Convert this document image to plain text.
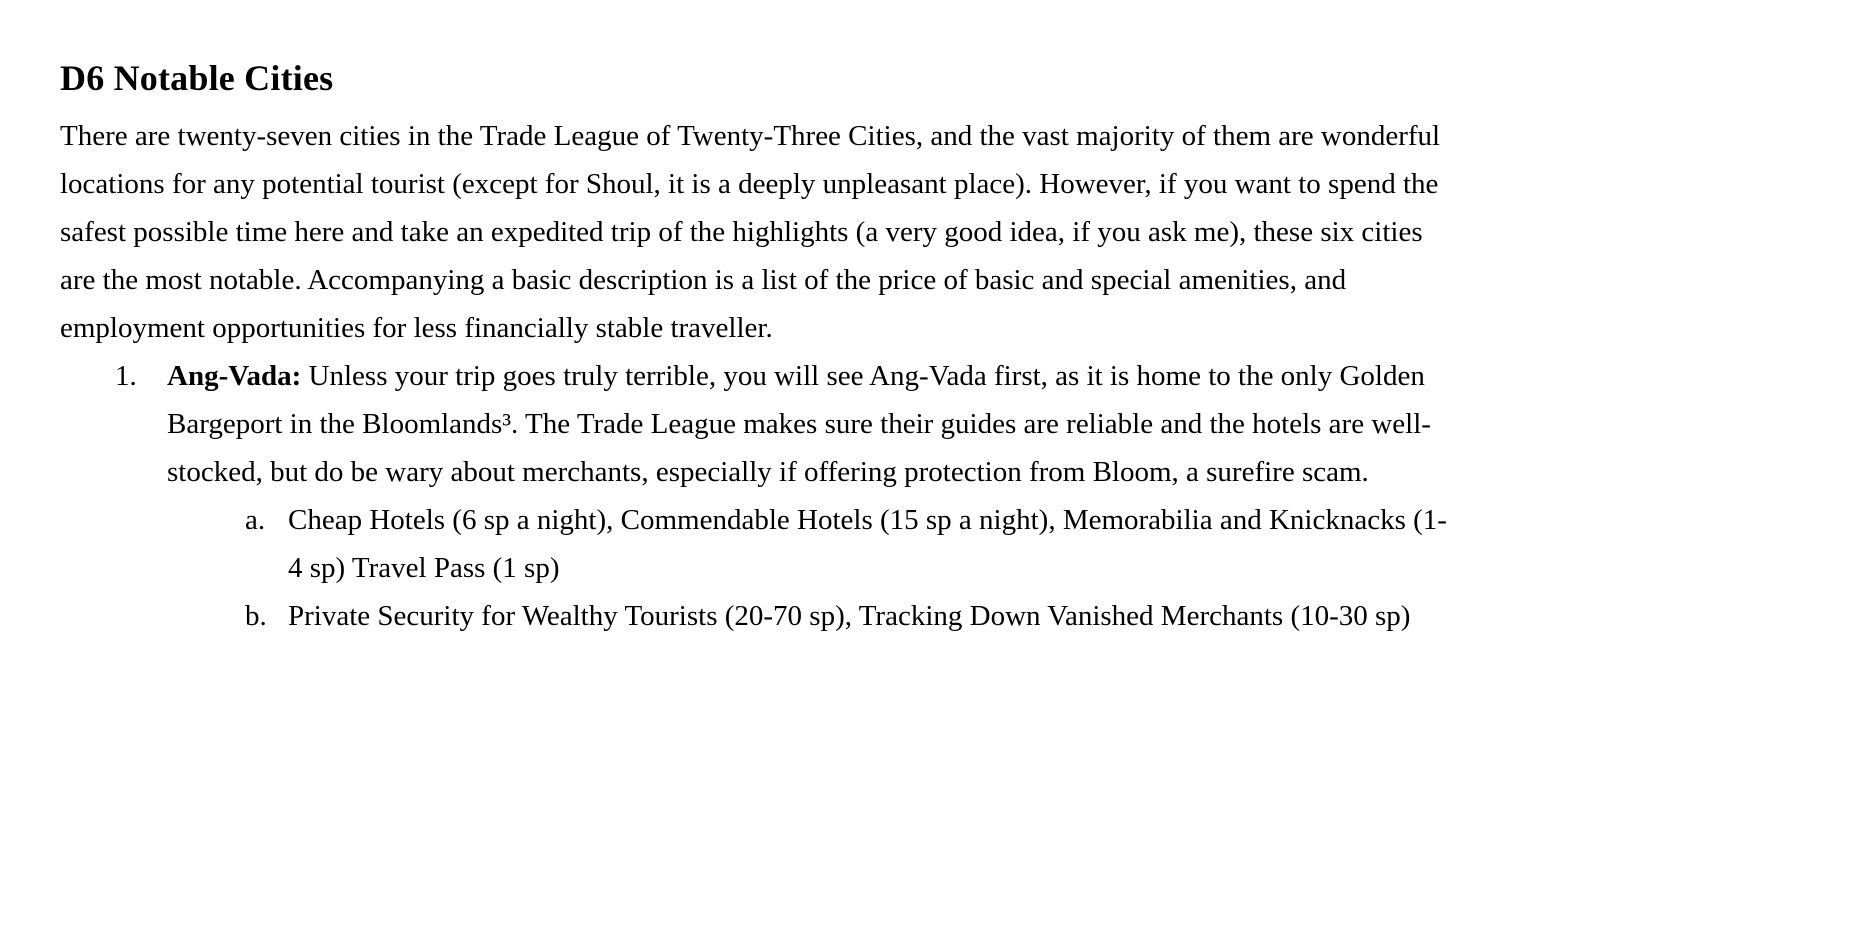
D6 Notable Cities

There are twenty-seven cities in the Trade League of Twenty-Three Cities, and the vast majority of them are wonderful locations for any potential tourist (except for Shoul, it is a deeply unpleasant place). However, if you want to spend the safest possible time here and take an expedited trip of the highlights (a very good idea, if you ask me), these six cities are the most notable. Accompanying a basic description is a list of the price of basic and special amenities, and employment opportunities for less financially stable traveller.

1.	Ang-Vada: Unless your trip goes truly terrible, you will see Ang-Vada first, as it is home to the only Golden Bargeport in the Bloomlands³. The Trade League makes sure their guides are reliable and the hotels are well-stocked, but do be wary about merchants, especially if offering protection from Bloom, a surefire scam.
a. Cheap Hotels (6 sp a night), Commendable Hotels (15 sp a night), Memorabilia and Knicknacks (1-4 sp) Travel Pass (1 sp)
b. Private Security for Wealthy Tourists (20-70 sp), Tracking Down Vanished Merchants (10-30 sp)
